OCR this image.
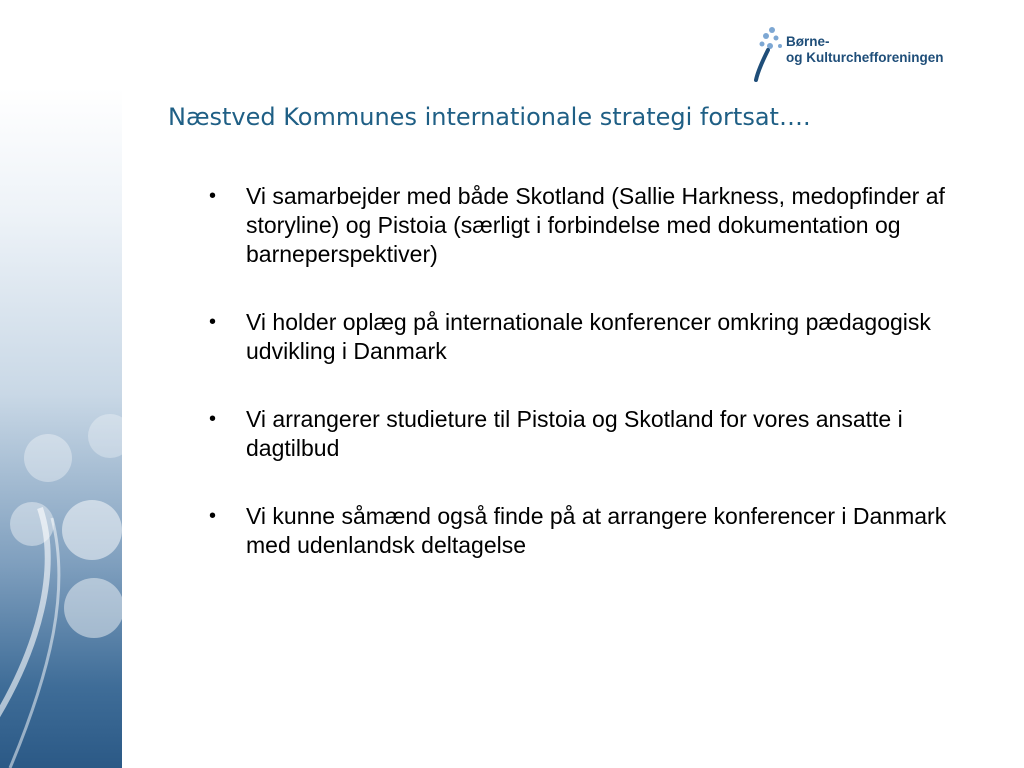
Børne-
og Kulturchefforeningen
Næstved Kommunes internationale strategi fortsat….
• Vi samarbejder med både Skotland (Sallie Harkness, medopfinder af storyline) og Pistoia (særligt i forbindelse med dokumentation og barneperspektiver)
• Vi holder oplæg på internationale konferencer omkring pædagogisk udvikling i Danmark
• Vi arrangerer studieture til Pistoia og Skotland for vores ansatte i dagtilbud
• Vi kunne såmænd også finde på at arrangere konferencer i Danmark med udenlandsk deltagelse
